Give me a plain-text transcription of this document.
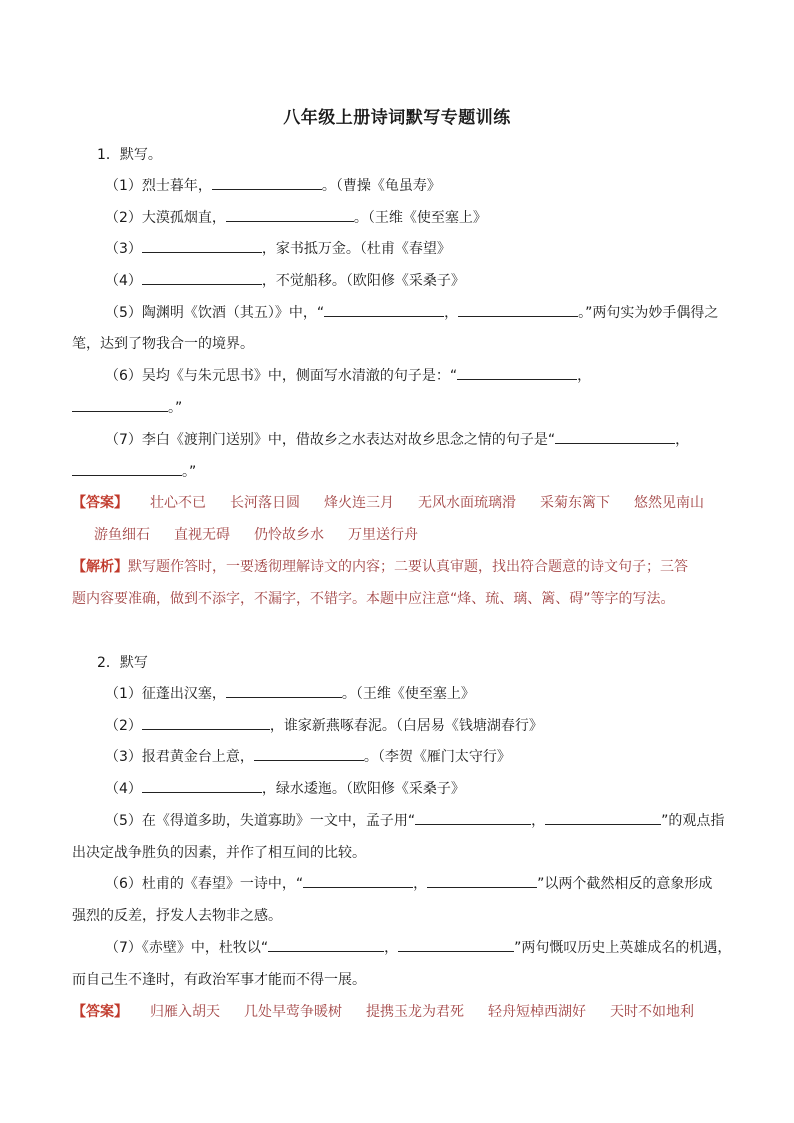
八年级上册诗词默写专题训练
1．默写。
（1）烈士暮年，	。（曹操《龟虽寿》
（2）大漠孤烟直，	。（王维《使至塞上》
（3）	，家书抵万金。（杜甫《春望》
（4）	，不觉船移。（欧阳修《采桑子》
（5）陶渊明《饮酒（其五）》中，“	，	。”两句实为妙手偶得之
笔，达到了物我合一的境界。
（6）吴均《与朱元思书》中，侧面写水清澈的句子是：“	，
。”
（7）李白《渡荆门送别》中，借故乡之水表达对故乡思念之情的句子是“	，
。”
【答案】 壮心不已 长河落日圆 烽火连三月 无风水面琉璃滑 采菊东篱下 悠然见南山
游鱼细石 直视无碍 仍怜故乡水 万里送行舟
【解析】默写题作答时，一要透彻理解诗文的内容；二要认真审题，找出符合题意的诗文句子；三答
题内容要准确，做到不添字，不漏字，不错字。本题中应注意“烽、琉、璃、篱、碍”等字的写法。
2．默写
（1）征蓬出汉塞，	。（王维《使至塞上》
（2）	，谁家新燕啄春泥。（白居易《钱塘湖春行》
（3）报君黄金台上意，	。（李贺《雁门太守行》
（4）	，绿水逶迤。（欧阳修《采桑子》
（5）在《得道多助，失道寡助》一文中，孟子用“	，	”的观点指
出决定战争胜负的因素，并作了相互间的比较。
（6）杜甫的《春望》一诗中，“	，	”以两个截然相反的意象形成
强烈的反差，抒发人去物非之感。
（7）《赤壁》中，杜牧以“	，	”两句慨叹历史上英雄成名的机遇，
而自己生不逢时，有政治军事才能而不得一展。
【答案】 归雁入胡天 几处早莺争暖树 提携玉龙为君死 轻舟短棹西湖好 天时不如地利
